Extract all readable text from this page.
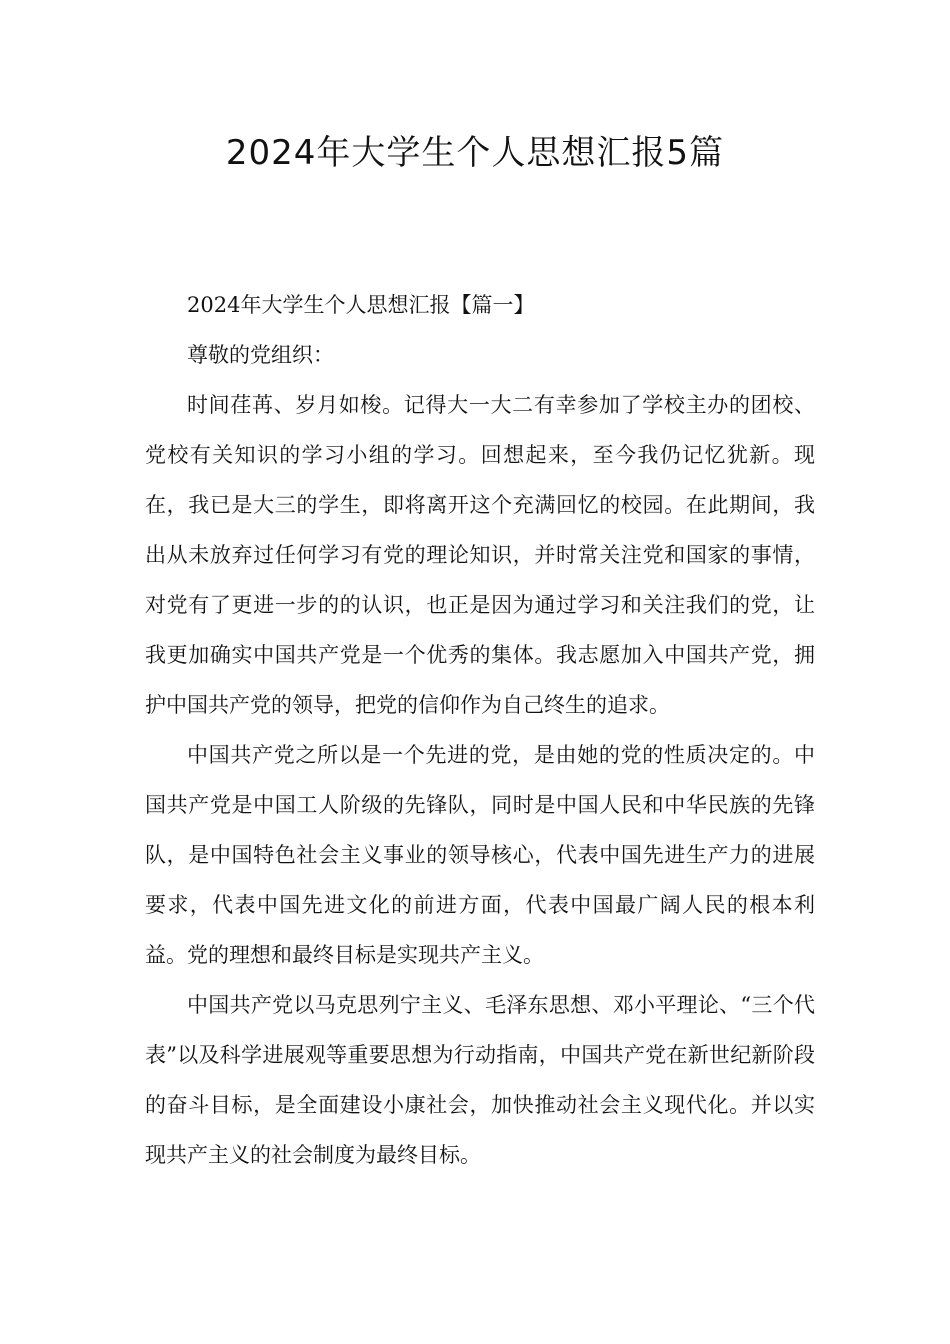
2024年大学生个人思想汇报5篇

2024年大学生个人思想汇报【篇一】

尊敬的党组织：

时间荏苒、岁月如梭。记得大一大二有幸参加了学校主办的团校、党校有关知识的学习小组的学习。回想起来，至今我仍记忆犹新。现在，我已是大三的学生，即将离开这个充满回忆的校园。在此期间，我出从未放弃过任何学习有党的理论知识，并时常关注党和国家的事情，对党有了更进一步的的认识，也正是因为通过学习和关注我们的党，让我更加确实中国共产党是一个优秀的集体。我志愿加入中国共产党，拥护中国共产党的领导，把党的信仰作为自己终生的追求。

中国共产党之所以是一个先进的党，是由她的党的性质决定的。中国共产党是中国工人阶级的先锋队，同时是中国人民和中华民族的先锋队，是中国特色社会主义事业的领导核心，代表中国先进生产力的进展要求，代表中国先进文化的前进方面，代表中国最广阔人民的根本利益。党的理想和最终目标是实现共产主义。

中国共产党以马克思列宁主义、毛泽东思想、邓小平理论、“三个代表”以及科学进展观等重要思想为行动指南，中国共产党在新世纪新阶段的奋斗目标，是全面建设小康社会，加快推动社会主义现代化。并以实现共产主义的社会制度为最终目标。
